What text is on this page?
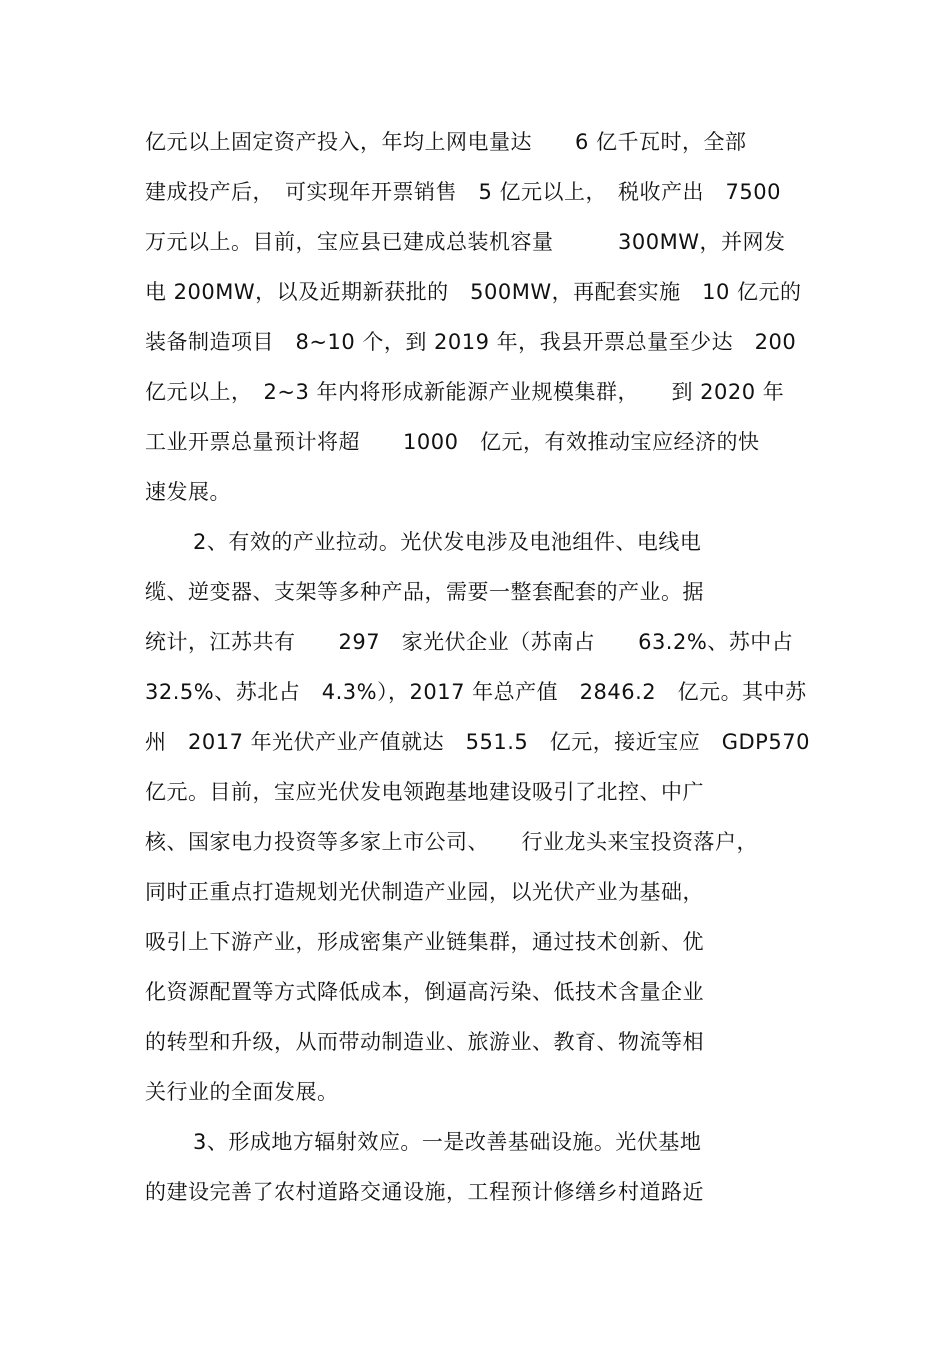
亿元以上固定资产投入，年均上网电量达　　6 亿千瓦时，全部
建成投产后，　可实现年开票销售　5 亿元以上，　税收产出　7500
万元以上。目前，宝应县已建成总装机容量　　　300MW，并网发
电 200MW，以及近期新获批的　500MW，再配套实施　10 亿元的
装备制造项目　8~10 个，到 2019 年，我县开票总量至少达　200
亿元以上，　2~3 年内将形成新能源产业规模集群，　　到 2020 年
工业开票总量预计将超　　1000　亿元，有效推动宝应经济的快
速发展。
2、有效的产业拉动。光伏发电涉及电池组件、电线电
缆、逆变器、支架等多种产品，需要一整套配套的产业。据
统计，江苏共有　　297　家光伏企业（苏南占　　63.2%、苏中占
32.5%、苏北占　4.3%），2017 年总产值　2846.2　亿元。其中苏
州　2017 年光伏产业产值就达　551.5　亿元，接近宝应　GDP570
亿元。目前，宝应光伏发电领跑基地建设吸引了北控、中广
核、国家电力投资等多家上市公司、　　行业龙头来宝投资落户，
同时正重点打造规划光伏制造产业园，以光伏产业为基础，
吸引上下游产业，形成密集产业链集群，通过技术创新、优
化资源配置等方式降低成本，倒逼高污染、低技术含量企业
的转型和升级，从而带动制造业、旅游业、教育、物流等相
关行业的全面发展。
3、形成地方辐射效应。一是改善基础设施。光伏基地
的建设完善了农村道路交通设施，工程预计修缮乡村道路近
